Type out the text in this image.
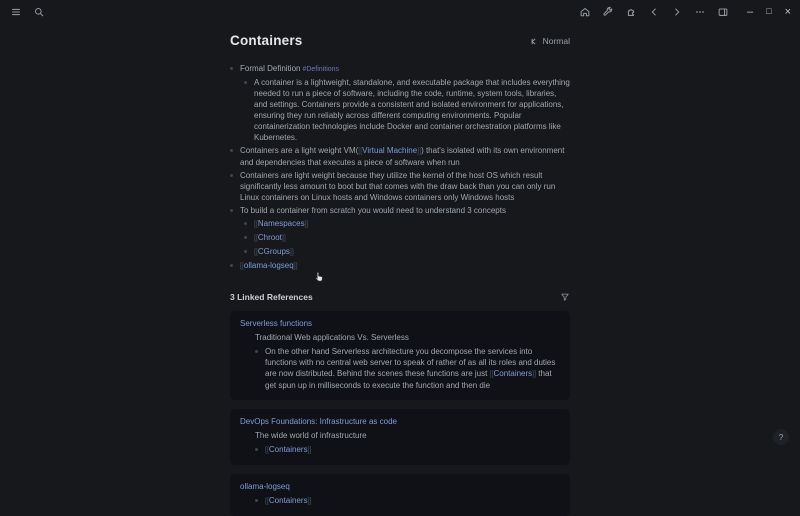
– □ ×
Containers	Normal

Formal Definition #Definitions

A container is a lightweight, standalone, and executable package that includes everything needed to run a piece of software, including the code, runtime, system tools, libraries, and settings. Containers provide a consistent and isolated environment for applications, ensuring they run reliably across different computing environments. Popular containerization technologies include Docker and container orchestration platforms like Kubernetes.

Containers are a light weight VM([[Virtual Machine]]) that's isolated with its own environment and dependencies that executes a piece of software when run

Containers are light weight because they utilize the kernel of the host OS which result significantly less amount to boot but that comes with the draw back than you can only run Linux containers on Linux hosts and Windows containers only Windows hosts

To build a container from scratch you would need to understand 3 concepts

[[Namespaces]]

[[Chroot]]

[[CGroups]]

[[ollama-logseq]]

3 Linked References
Serverless functions
Traditional Web applications Vs. Serverless

On the other hand Serverless architecture you decompose the services into functions with no central web server to speak of rather of as all its roles and duties are now distributed. Behind the scenes these functions are just [[Containers]] that get spun up in milliseconds to execute the function and then die

DevOps Foundations: Infrastructure as code
The wide world of infrastructure

[[Containers]]

ollama-logseq

[[Containers]]

?
